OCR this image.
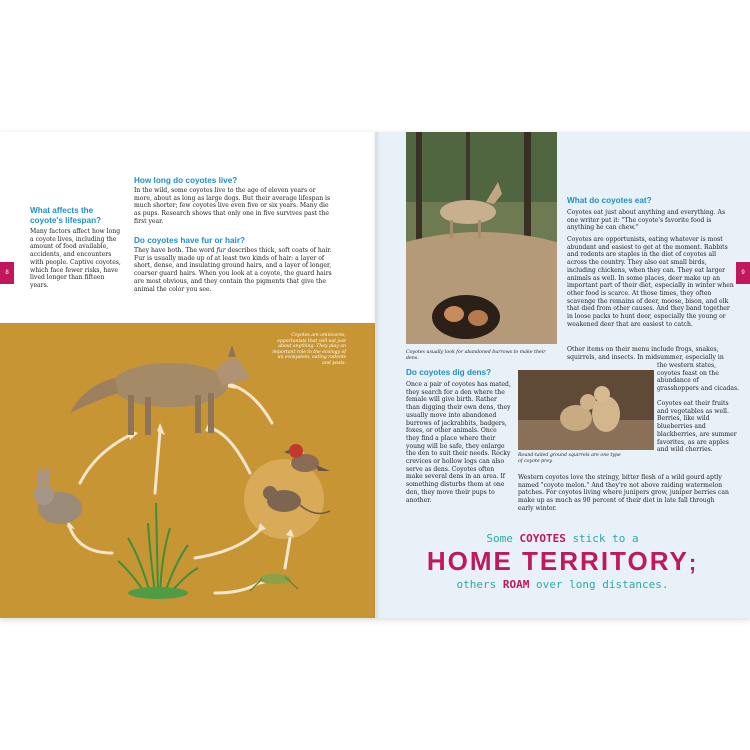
8
What affects the coyote's lifespan?
Many factors affect how long a coyote lives, including the amount of food available, accidents, and encounters with people. Captive coyotes, which face fewer risks, have lived longer than fifteen years.
How long do coyotes live?
In the wild, some coyotes live to the age of eleven years or more, about as long as large dogs. But their average lifespan is much shorter; few coyotes live even five or six years. Many die as pups. Research shows that only one in five survives past the first year.
Do coyotes have fur or hair?
They have both. The word fur describes thick, soft coats of hair. Fur is usually made up of at least two kinds of hair: a layer of short, dense, and insulating ground hairs, and a layer of longer, coarser guard hairs. When you look at a coyote, the guard hairs are most obvious, and they contain the pigments that give the animal the color you see.
Coyotes are omnivores, opportunists that will eat just about anything. They play an important role in the ecology of an ecosystem, eating rodents and pests.
9
Coyotes usually look for abandoned burrows to make their dens.
What do coyotes eat?
Coyotes eat just about anything and everything. As one writer put it: "The coyote's favorite food is anything he can chew."
Coyotes are opportunists, eating whatever is most abundant and easiest to get at the moment. Rabbits and rodents are staples in the diet of coyotes all across the country. They also eat small birds, including chickens, when they can. They eat larger animals as well. In some places, deer make up an important part of their diet, especially in winter when other food is scarce. At those times, they often scavenge the remains of deer, moose, bison, and elk that died from other causes. And they band together in loose packs to hunt deer, especially the young or weakened deer that are easiest to catch.
Other items on their menu include frogs, snakes, squirrels, and insects. In midsummer, especially in
the western states, coyotes feast on the abundance of grasshoppers and cicadas.
Coyotes eat their fruits and vegetables as well. Berries, like wild blueberries and blackberries, are summer favorites, as are apples and wild cherries.
Do coyotes dig dens?
Once a pair of coyotes has mated, they search for a den where the female will give birth. Rather than digging their own dens, they usually move into abandoned burrows of jackrabbits, badgers, foxes, or other animals. Once they find a place where their young will be safe, they enlarge the den to suit their needs. Rocky crevices or hollow logs can also serve as dens. Coyotes often make several dens in an area. If something disturbs them at one den, they move their pups to another.
Round-tailed ground squirrels are one type of coyote prey.
Western coyotes love the stringy, bitter flesh of a wild gourd aptly named "coyote melon." And they're not above raiding watermelon patches. For coyotes living where junipers grow, juniper berries can make up as much as 90 percent of their diet in late fall through early winter.
Some COYOTES stick to a
HOME TERRITORY;
others ROAM over long distances.
